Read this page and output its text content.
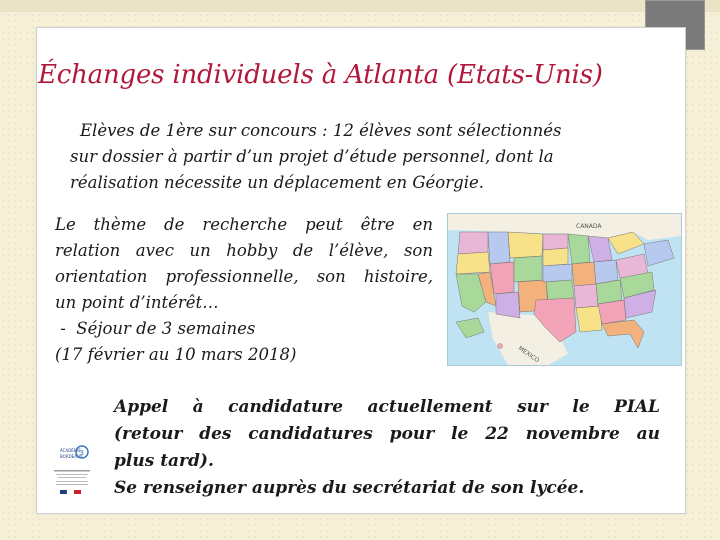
Échanges individuels à Atlanta (Etats-Unis)
Elèves de 1ère sur concours : 12 élèves sont sélectionnés
sur dossier à partir d’un projet d’étude personnel, dont la
réalisation nécessite un déplacement en Géorgie.
Le thème de recherche peut être en
relation avec un hobby de l’élève, son
orientation professionnelle, son histoire,
un point d’intérêt…
-  Séjour de 3 semaines
(17 février au 10 mars 2018)
CANADA
MEXICO
Appel à candidature actuellement sur le PIAL
(retour des candidatures pour le 22 novembre au
plus tard).
Se renseigner auprès du secrétariat de son lycée.
ACADÉMIE
BORDEAUX
3
